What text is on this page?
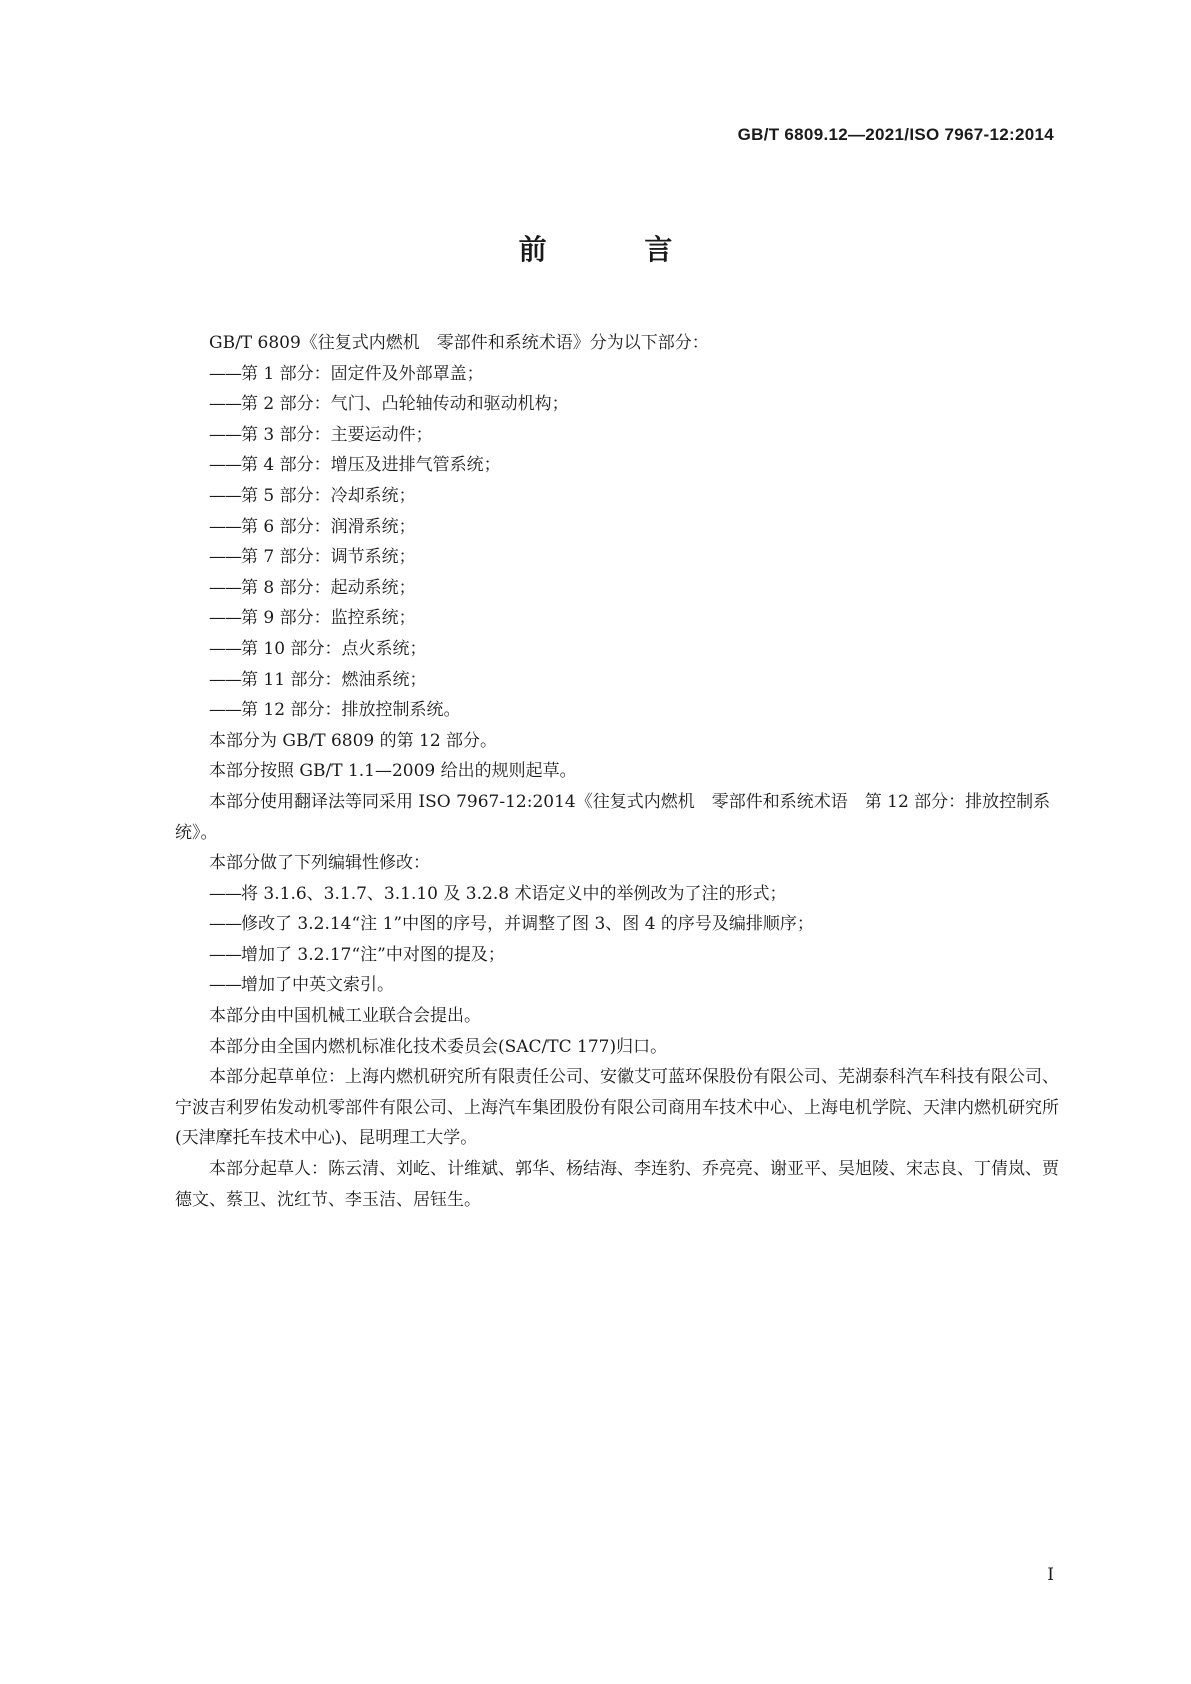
GB/T 6809.12—2021/ISO 7967-12:2014
前 言

GB/T 6809《往复式内燃机　零部件和系统术语》分为以下部分：

——第 1 部分：固定件及外部罩盖；

——第 2 部分：气门、凸轮轴传动和驱动机构；

——第 3 部分：主要运动件；

——第 4 部分：增压及进排气管系统；

——第 5 部分：冷却系统；

——第 6 部分：润滑系统；

——第 7 部分：调节系统；

——第 8 部分：起动系统；

——第 9 部分：监控系统；

——第 10 部分：点火系统；

——第 11 部分：燃油系统；

——第 12 部分：排放控制系统。

本部分为 GB/T 6809 的第 12 部分。

本部分按照 GB/T 1.1—2009 给出的规则起草。

本部分使用翻译法等同采用 ISO 7967-12:2014《往复式内燃机　零部件和系统术语　第 12 部分：排放控制系统》。

本部分做了下列编辑性修改：

——将 3.1.6、3.1.7、3.1.10 及 3.2.8 术语定义中的举例改为了注的形式；

——修改了 3.2.14“注 1”中图的序号，并调整了图 3、图 4 的序号及编排顺序；

——增加了 3.2.17“注”中对图的提及；

——增加了中英文索引。

本部分由中国机械工业联合会提出。

本部分由全国内燃机标准化技术委员会(SAC/TC 177)归口。

本部分起草单位：上海内燃机研究所有限责任公司、安徽艾可蓝环保股份有限公司、芜湖泰科汽车科技有限公司、宁波吉利罗佑发动机零部件有限公司、上海汽车集团股份有限公司商用车技术中心、上海电机学院、天津内燃机研究所(天津摩托车技术中心)、昆明理工大学。

本部分起草人：陈云清、刘屹、计维斌、郭华、杨结海、李连豹、乔亮亮、谢亚平、吴旭陵、宋志良、丁倩岚、贾德文、蔡卫、沈红节、李玉洁、居钰生。

I
